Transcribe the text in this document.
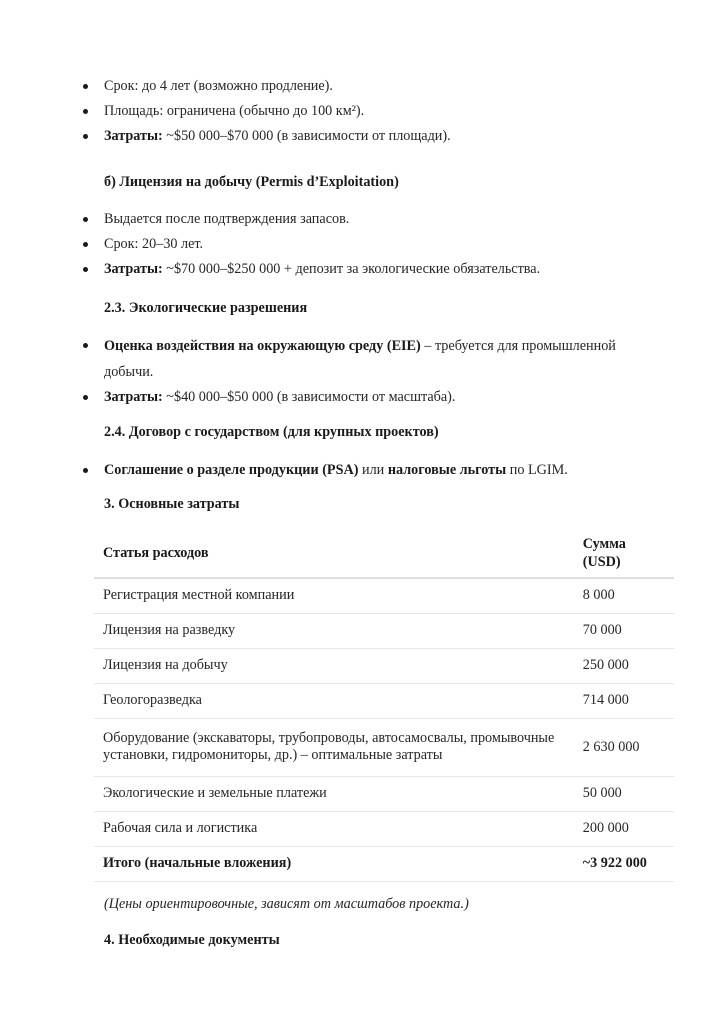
Срок: до 4 лет (возможно продление).
Площадь: ограничена (обычно до 100 км²).
Затраты: ~$50 000–$70 000 (в зависимости от площади).
б) Лицензия на добычу (Permis d’Exploitation)
Выдается после подтверждения запасов.
Срок: 20–30 лет.
Затраты: ~$70 000–$250 000 + депозит за экологические обязательства.
2.3. Экологические разрешения
Оценка воздействия на окружающую среду (EIE) – требуется для промышленной добычи.
Затраты: ~$40 000–$50 000 (в зависимости от масштаба).
2.4. Договор с государством (для крупных проектов)
Соглашение о разделе продукции (PSA) или налоговые льготы по LGIM.
3. Основные затраты
Статья расходов	Сумма (USD)
Регистрация местной компании	8 000
Лицензия на разведку	70 000
Лицензия на добычу	250 000
Геологоразведка	714 000
Оборудование (экскаваторы, трубопроводы, автосамосвалы, промывочные установки, гидромониторы, др.) – оптимальные затраты	2 630 000
Экологические и земельные платежи	50 000
Рабочая сила и логистика	200 000
Итого (начальные вложения)	~3 922 000
(Цены ориентировочные, зависят от масштабов проекта.)
4. Необходимые документы
